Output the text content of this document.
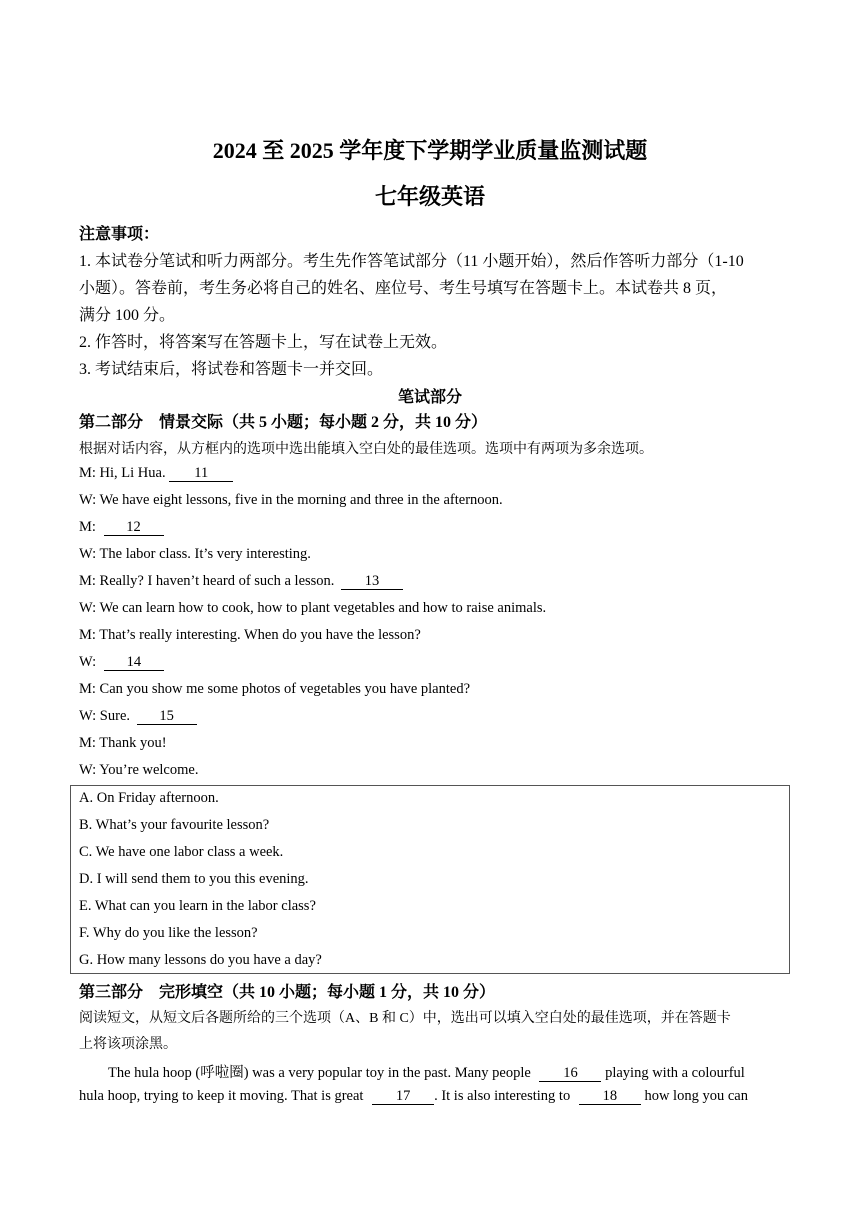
2024 至 2025 学年度下学期学业质量监测试题
七年级英语
注意事项：
1. 本试卷分笔试和听力两部分。考生先作答笔试部分（11 小题开始），然后作答听力部分（1-10
小题）。答卷前，考生务必将自己的姓名、座位号、考生号填写在答题卡上。本试卷共 8 页，
满分 100 分。
2. 作答时，将答案写在答题卡上，写在试卷上无效。
3. 考试结束后，将试卷和答题卡一并交回。
笔试部分
第二部分　情景交际（共 5 小题；每小题 2 分，共 10 分）
根据对话内容，从方框内的选项中选出能填入空白处的最佳选项。选项中有两项为多余选项。
M: Hi, Li Hua. 11
W: We have eight lessons, five in the morning and three in the afternoon.
M: 12
W: The labor class. It’s very interesting.
M: Really? I haven’t heard of such a lesson. 13
W: We can learn how to cook, how to plant vegetables and how to raise animals.
M: That’s really interesting. When do you have the lesson?
W: 14
M: Can you show me some photos of vegetables you have planted?
W: Sure. 15
M: Thank you!
W: You’re welcome.
A. On Friday afternoon.
B. What’s your favourite lesson?
C. We have one labor class a week.
D. I will send them to you this evening.
E. What can you learn in the labor class?
F. Why do you like the lesson?
G. How many lessons do you have a day?
第三部分　完形填空（共 10 小题；每小题 1 分，共 10 分）
阅读短文，从短文后各题所给的三个选项（A、B 和 C）中，选出可以填入空白处的最佳选项，并在答题卡
上将该项涂黑。
The hula hoop (呼啦圈) was a very popular toy in the past. Many people 16 playing with a colourful
hula hoop, trying to keep it moving. That is great 17 . It is also interesting to 18 how long you can
